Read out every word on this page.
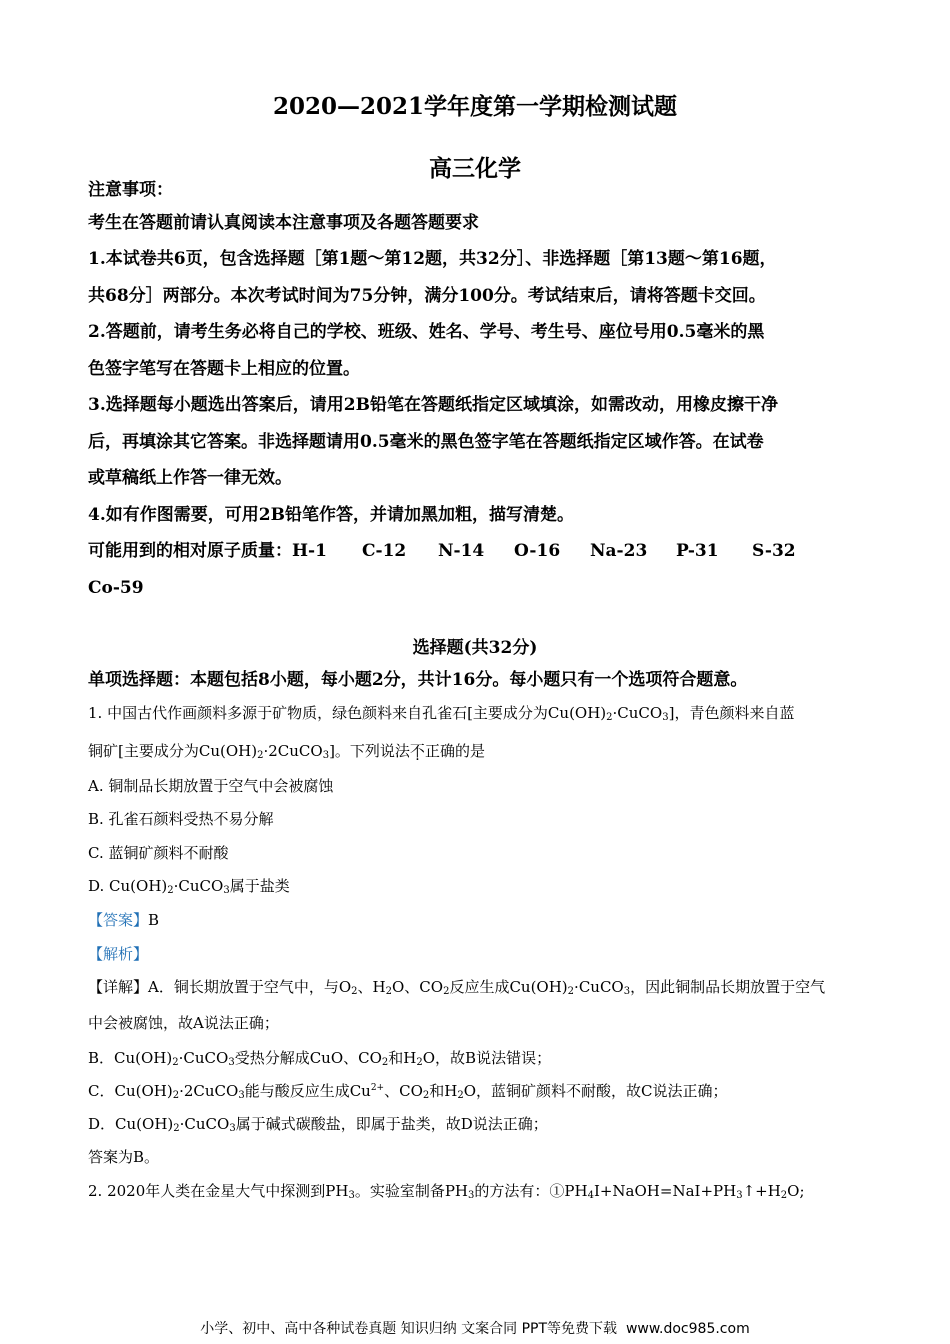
2020—2021学年度第一学期检测试题
高三化学
注意事项：
考生在答题前请认真阅读本注意事项及各题答题要求
1.本试卷共6页，包含选择题［第1题～第12题，共32分］、非选择题［第13题～第16题，
共68分］两部分。本次考试时间为75分钟，满分100分。考试结束后，请将答题卡交回。
2.答题前，请考生务必将自己的学校、班级、姓名、学号、考生号、座位号用0.5毫米的黑
色签字笔写在答题卡上相应的位置。
3.选择题每小题选出答案后，请用2B铅笔在答题纸指定区域填涂，如需改动，用橡皮擦干净
后，再填涂其它答案。非选择题请用0.5毫米的黑色签字笔在答题纸指定区域作答。在试卷
或草稿纸上作答一律无效。
4.如有作图需要，可用2B铅笔作答，并请加黑加粗，描写清楚。
可能用到的相对原子质量： H-1	C-12	N-14	O-16	Na-23	P-31	S-32
Co-59
选择题(共32分)
单项选择题：本题包括8小题，每小题2分，共计16分。每小题只有一个选项符合题意。
1. 中国古代作画颜料多源于矿物质，绿色颜料来自孔雀石[主要成分为$Cu(OH)_2\cdot CuCO_3$]，青色颜料来自蓝
铜矿[主要成分为$Cu(OH)_2\cdot 2CuCO_3$]。下列说法不正确的是
A. 铜制品长期放置于空气中会被腐蚀
B. 孔雀石颜料受热不易分解
C. 蓝铜矿颜料不耐酸
D. $Cu(OH)_2\cdot CuCO_3$属于盐类
【答案】B
【解析】
【详解】A．铜长期放置于空气中，与$O_2$、$H_2O$、$CO_2$反应生成$Cu(OH)_2\cdot CuCO_3$，因此铜制品长期放置于空气
中会被腐蚀，故A说法正确；
B．$Cu(OH)_2\cdot CuCO_3$受热分解成CuO、$CO_2$和$H_2O$，故B说法错误；
C．$Cu(OH)_2\cdot 2CuCO_3$能与酸反应生成$Cu^{2+}$、$CO_2$和$H_2O$，蓝铜矿颜料不耐酸，故C说法正确；
D．$Cu(OH)_2\cdot CuCO_3$属于碱式碳酸盐，即属于盐类，故D说法正确；
答案为B。
2. 2020年人类在金星大气中探测到$PH_3$。实验室制备$PH_3$的方法有：$①PH_4I+NaOH=NaI+PH_3↑+H_2O$;
小学、初中、高中各种试卷真题 知识归纳 文案合同 PPT等免费下载 www.doc985.com
